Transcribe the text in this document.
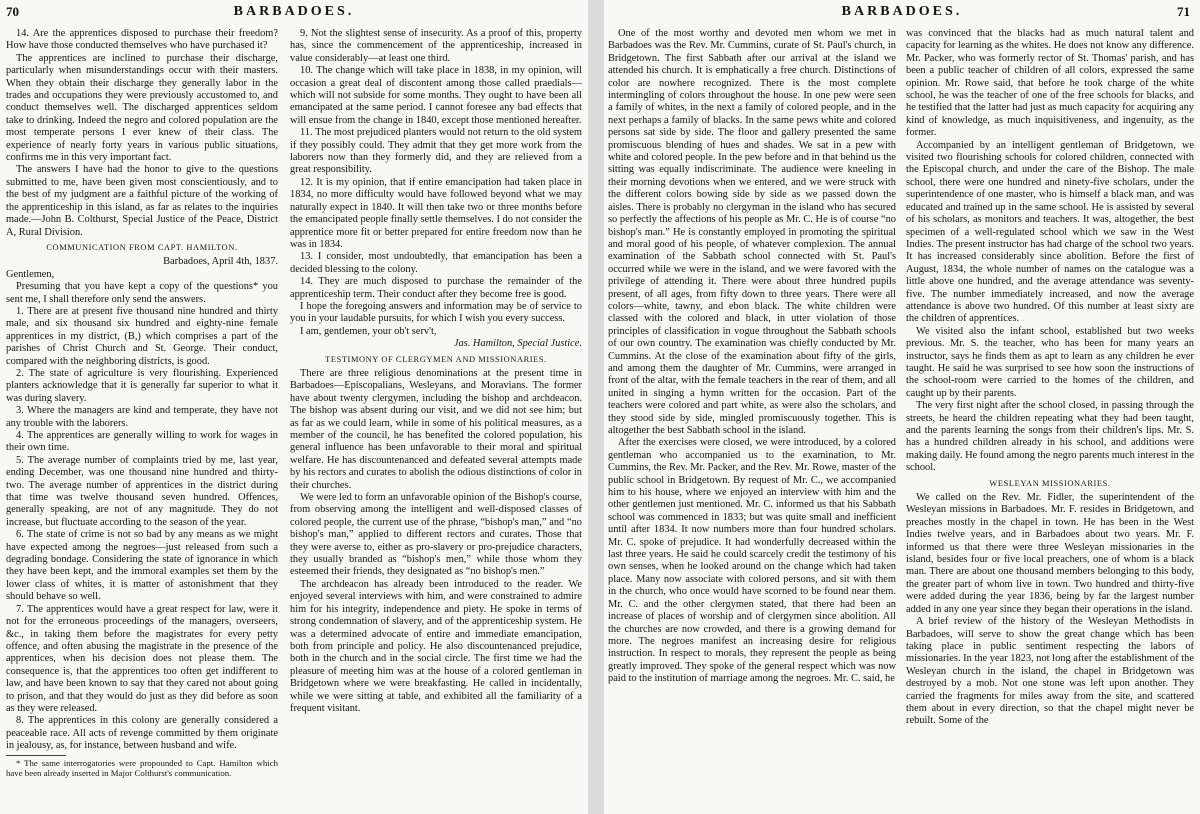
70	BARBADOES.

14. Are the apprentices disposed to purchase their freedom? How have those conducted themselves who have purchased it?

The apprentices are inclined to purchase their discharge, particularly when misunderstandings occur with their masters. When they obtain their discharge they generally labor in the trades and occupations they were previously accustomed to, and conduct themselves well. The discharged apprentices seldom take to drinking. Indeed the negro and colored population are the most temperate persons I ever knew of their class. The experience of nearly forty years in various public situations, confirms me in this very important fact.

The answers I have had the honor to give to the questions submitted to me, have been given most conscientiously, and to the best of my judgment are a faithful picture of the working of the apprenticeship in this island, as far as relates to the inquiries made.—John B. Colthurst, Special Justice of the Peace, District A, Rural Division.

COMMUNICATION FROM CAPT. HAMILTON.

Barbadoes, April 4th, 1837.

Gentlemen,

Presuming that you have kept a copy of the questions* you sent me, I shall therefore only send the answers.

1. There are at present five thousand nine hundred and thirty male, and six thousand six hundred and eighty-nine female apprentices in my district, (B,) which comprises a part of the parishes of Christ Church and St. George. Their conduct, compared with the neighboring districts, is good.

2. The state of agriculture is very flourishing. Experienced planters acknowledge that it is generally far superior to what it was during slavery.

3. Where the managers are kind and temperate, they have not any trouble with the laborers.

4. The apprentices are generally willing to work for wages in their own time.

5. The average number of complaints tried by me, last year, ending December, was one thousand nine hundred and thirty-two. The average number of apprentices in the district during that time was twelve thousand seven hundred. Offences, generally speaking, are not of any magnitude. They do not increase, but fluctuate according to the season of the year.

6. The state of crime is not so bad by any means as we might have expected among the negroes—just released from such a degrading bondage. Considering the state of ignorance in which they have been kept, and the immoral examples set them by the lower class of whites, it is matter of astonishment that they should behave so well.

7. The apprentices would have a great respect for law, were it not for the erroneous proceedings of the managers, overseers, &c., in taking them before the magistrates for every petty offence, and often abusing the magistrate in the presence of the apprentices, when his decision does not please them. The consequence is, that the apprentices too often get indifferent to law, and have been known to say that they cared not about going to prison, and that they would do just as they did before as soon as they were released.

8. The apprentices in this colony are generally considered a peaceable race. All acts of revenge committed by them originate in jealousy, as, for instance, between husband and wife.

* The same interrogatories were propounded to Capt. Hamilton which have been already inserted in Major Colthurst's communication.

9. Not the slightest sense of insecurity. As a proof of this, property has, since the commencement of the apprenticeship, increased in value considerably—at least one third.

10. The change which will take place in 1838, in my opinion, will occasion a great deal of discontent among those called praedials—which will not subside for some months. They ought to have been all emancipated at the same period. I cannot foresee any bad effects that will ensue from the change in 1840, except those mentioned hereafter.

11. The most prejudiced planters would not return to the old system if they possibly could. They admit that they get more work from the laborers now than they formerly did, and they are relieved from a great responsibility.

12. It is my opinion, that if entire emancipation had taken place in 1834, no more difficulty would have followed beyond what we may naturally expect in 1840. It will then take two or three months before the emancipated people finally settle themselves. I do not consider the apprentice more fit or better prepared for entire freedom now than he was in 1834.

13. I consider, most undoubtedly, that emancipation has been a decided blessing to the colony.

14. They are much disposed to purchase the remainder of the apprenticeship term. Their conduct after they become free is good.

I hope the foregoing answers and information may be of service to you in your laudable pursuits, for which I wish you every success.

I am, gentlemen, your ob't serv't,

Jas. Hamilton, Special Justice.

TESTIMONY OF CLERGYMEN AND MISSIONARIES.

There are three religious denominations at the present time in Barbadoes—Episcopalians, Wesleyans, and Moravians. The former have about twenty clergymen, including the bishop and archdeacon. The bishop was absent during our visit, and we did not see him; but as far as we could learn, while in some of his political measures, as a member of the council, he has benefited the colored population, his general influence has been unfavorable to their moral and spiritual welfare. He has discountenanced and defeated several attempts made by his rectors and curates to abolish the odious distinctions of color in their churches.

We were led to form an unfavorable opinion of the Bishop's course, from observing among the intelligent and well-disposed classes of colored people, the current use of the phrase, “bishop's man,” and “no bishop's man,” applied to different rectors and curates. Those that they were averse to, either as pro-slavery or pro-prejudice characters, they usually branded as “bishop's men,” while those whom they esteemed their friends, they designated as “no bishop's men.”

The archdeacon has already been introduced to the reader. We enjoyed several interviews with him, and were constrained to admire him for his integrity, independence and piety. He spoke in terms of strong condemnation of slavery, and of the apprenticeship system. He was a determined advocate of entire and immediate emancipation, both from principle and policy. He also discountenanced prejudice, both in the church and in the social circle. The first time we had the pleasure of meeting him was at the house of a colored gentleman in Bridgetown where we were breakfasting. He called in incidentally, while we were sitting at table, and exhibited all the familiarity of a frequent visitant.

BARBADOES.	71

One of the most worthy and devoted men whom we met in Barbadoes was the Rev. Mr. Cummins, curate of St. Paul's church, in Bridgetown. The first Sabbath after our arrival at the island we attended his church. It is emphatically a free church. Distinctions of color are nowhere recognized. There is the most complete intermingling of colors throughout the house. In one pew were seen a family of whites, in the next a family of colored people, and in the next perhaps a family of blacks. In the same pews white and colored persons sat side by side. The floor and gallery presented the same promiscuous blending of hues and shades. We sat in a pew with white and colored people. In the pew before and in that behind us the sitting was equally indiscriminate. The audience were kneeling in their morning devotions when we entered, and we were struck with the different colors bowing side by side as we passed down the aisles. There is probably no clergyman in the island who has secured so perfectly the affections of his people as Mr. C. He is of course “no bishop's man.” He is constantly employed in promoting the spiritual and moral good of his people, of whatever complexion. The annual examination of the Sabbath school connected with St. Paul's occurred while we were in the island, and we were favored with the privilege of attending it. There were about three hundred pupils present, of all ages, from fifty down to three years. There were all colors—white, tawny, and ebon black. The white children were classed with the colored and black, in utter violation of those principles of classification in vogue throughout the Sabbath schools of our own country. The examination was chiefly conducted by Mr. Cummins. At the close of the examination about fifty of the girls, and among them the daughter of Mr. Cummins, were arranged in front of the altar, with the female teachers in the rear of them, and all united in singing a hymn written for the occasion. Part of the teachers were colored and part white, as were also the scholars, and they stood side by side, mingled promiscuously together. This is altogether the best Sabbath school in the island.

After the exercises were closed, we were introduced, by a colored gentleman who accompanied us to the examination, to Mr. Cummins, the Rev. Mr. Packer, and the Rev. Mr. Rowe, master of the public school in Bridgetown. By request of Mr. C., we accompanied him to his house, where we enjoyed an interview with him and the other gentlemen just mentioned. Mr. C. informed us that his Sabbath school was commenced in 1833; but was quite small and inefficient until after 1834. It now numbers more than four hundred scholars. Mr. C. spoke of prejudice. It had wonderfully decreased within the last three years. He said he could scarcely credit the testimony of his own senses, when he looked around on the change which had taken place. Many now associate with colored persons, and sit with them in the church, who once would have scorned to be found near them. Mr. C. and the other clergymen stated, that there had been an increase of places of worship and of clergymen since abolition. All the churches are now crowded, and there is a growing demand for more. The negroes manifest an increasing desire for religious instruction. In respect to morals, they represent the people as being greatly improved. They spoke of the general respect which was now paid to the institution of marriage among the negroes. Mr. C. said, he

was convinced that the blacks had as much natural talent and capacity for learning as the whites. He does not know any difference. Mr. Packer, who was formerly rector of St. Thomas' parish, and has been a public teacher of children of all colors, expressed the same opinion. Mr. Rowe said, that before he took charge of the white school, he was the teacher of one of the free schools for blacks, and he testified that the latter had just as much capacity for acquiring any kind of knowledge, as much inquisitiveness, and ingenuity, as the former.

Accompanied by an intelligent gentleman of Bridgetown, we visited two flourishing schools for colored children, connected with the Episcopal church, and under the care of the Bishop. The male school, there were one hundred and ninety-five scholars, under the superintendence of one master, who is himself a black man, and was educated and trained up in the same school. He is assisted by several of his scholars, as monitors and teachers. It was, altogether, the best specimen of a well-regulated school which we saw in the West Indies. The present instructor has had charge of the school two years. It has increased considerably since abolition. Before the first of August, 1834, the whole number of names on the catalogue was a little above one hundred, and the average attendance was seventy-five. The number immediately increased, and now the average attendance is above two hundred. Of this number at least sixty are the children of apprentices.

We visited also the infant school, established but two weeks previous. Mr. S. the teacher, who has been for many years an instructor, says he finds them as apt to learn as any children he ever taught. He said he was surprised to see how soon the instructions of the school-room were carried to the homes of the children, and caught up by their parents.

The very first night after the school closed, in passing through the streets, he heard the children repeating what they had been taught, and the parents learning the songs from their children's lips. Mr. S. has a hundred children already in his school, and additions were making daily. He found among the negro parents much interest in the school.

WESLEYAN MISSIONARIES.

We called on the Rev. Mr. Fidler, the superintendent of the Wesleyan missions in Barbadoes. Mr. F. resides in Bridgetown, and preaches mostly in the chapel in town. He has been in the West Indies twelve years, and in Barbadoes about two years. Mr. F. informed us that there were three Wesleyan missionaries in the island, besides four or five local preachers, one of whom is a black man. There are about one thousand members belonging to this body, the greater part of whom live in town. Two hundred and thirty-five were added during the year 1836, being by far the largest number added in any one year since they began their operations in the island.

A brief review of the history of the Wesleyan Methodists in Barbadoes, will serve to show the great change which has been taking place in public sentiment respecting the labors of missionaries. In the year 1823, not long after the establishment of the Wesleyan church in the island, the chapel in Bridgetown was destroyed by a mob. Not one stone was left upon another. They carried the fragments for miles away from the site, and scattered them about in every direction, so that the chapel might never be rebuilt. Some of the
